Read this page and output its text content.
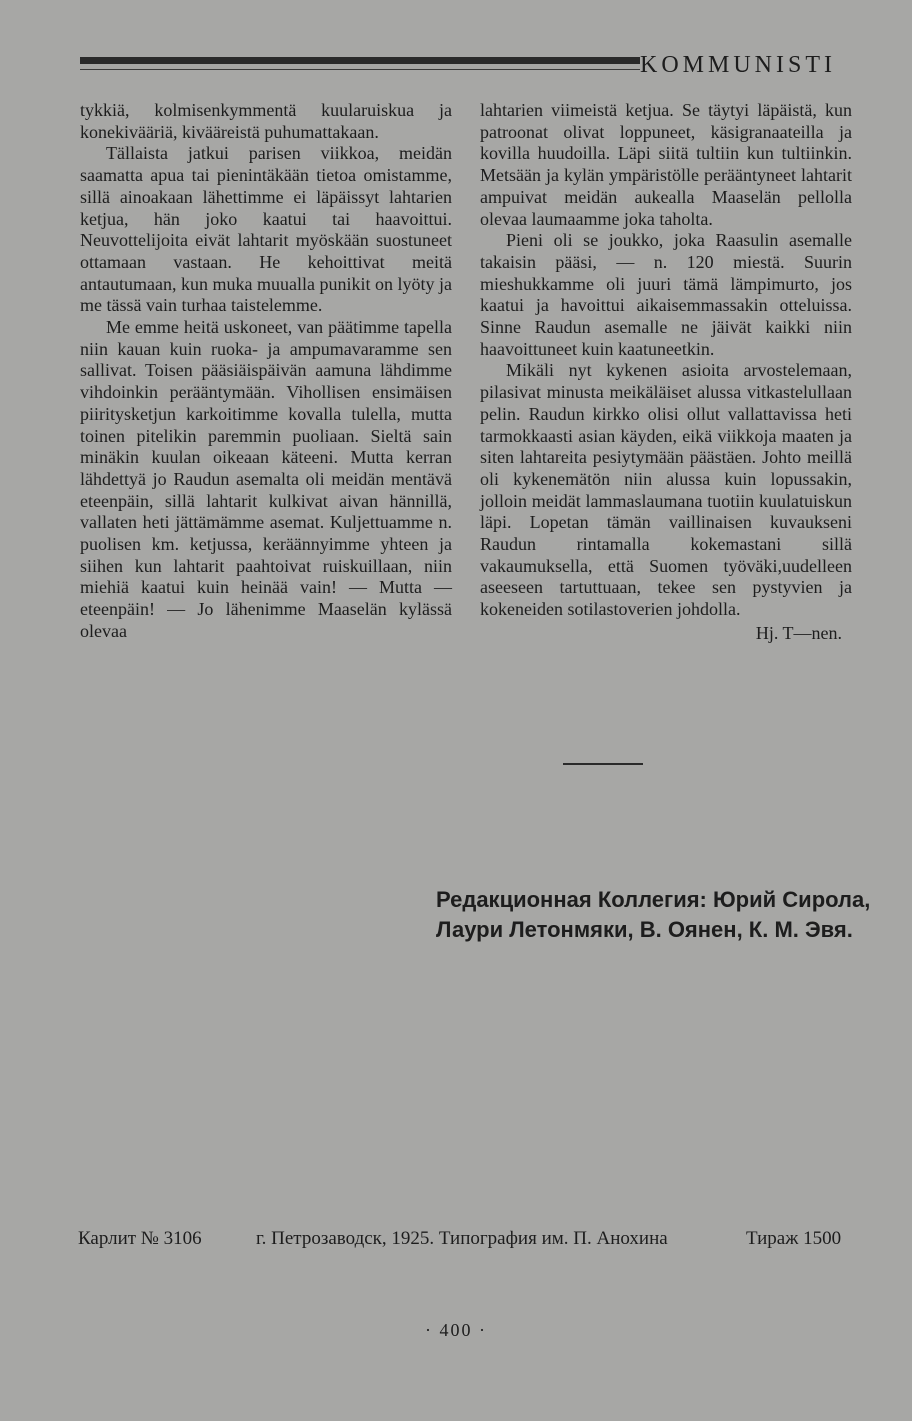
KOMMUNISTI

tykkiä, kolmisenkymmentä kuularuiskua ja konekivääriä, kivääreistä puhumattakaan.

Tällaista jatkui parisen viikkoa, meidän saamatta apua tai pienintäkään tietoa omistamme, sillä ainoakaan lähettimme ei läpäissyt lahtarien ketjua, hän joko kaatui tai haavoittui. Neuvottelijoita eivät lahtarit myöskään suostuneet ottamaan vastaan. He kehoittivat meitä antautumaan, kun muka muualla punikit on lyöty ja me tässä vain turhaa taistelemme.

Me emme heitä uskoneet, van päätimme tapella niin kauan kuin ruoka- ja ampumavaramme sen sallivat. Toisen pääsiäispäivän aamuna lähdimme vihdoinkin perääntymään. Vihollisen ensimäisen piiritysketjun karkoitimme kovalla tulella, mutta toinen pitelikin paremmin puoliaan. Sieltä sain minäkin kuulan oikeaan käteeni. Mutta kerran lähdettyä jo Raudun asemalta oli meidän mentävä eteenpäin, sillä lahtarit kulkivat aivan hännillä, vallaten heti jättämämme asemat. Kuljettuamme n. puolisen km. ketjussa, keräännyimme yhteen ja siihen kun lahtarit paahtoivat ruiskuillaan, niin miehiä kaatui kuin heinää vain! — Mutta — eteenpäin! — Jo lähenimme Maaselän kylässä olevaa

lahtarien viimeistä ketjua. Se täytyi läpäistä, kun patroonat olivat loppuneet, käsigranaateilla ja kovilla huudoilla. Läpi siitä tultiin kun tultiinkin. Metsään ja kylän ympäristölle perääntyneet lahtarit ampuivat meidän aukealla Maaselän pellolla olevaa laumaamme joka taholta.

Pieni oli se joukko, joka Raasulin asemalle takaisin pääsi, — n. 120 miestä. Suurin mieshukkamme oli juuri tämä lämpimurto, jos kaatui ja havoittui aikaisemmassakin otteluissa. Sinne Raudun asemalle ne jäivät kaikki niin haavoittuneet kuin kaatuneetkin.

Mikäli nyt kykenen asioita arvostelemaan, pilasivat minusta meikäläiset alussa vitkastelullaan pelin. Raudun kirkko olisi ollut vallattavissa heti tarmokkaasti asian käyden, eikä viikkoja maaten ja siten lahtareita pesiytymään päästäen. Johto meillä oli kykenemätön niin alussa kuin lopussakin, jolloin meidät lammaslaumana tuotiin kuulatuiskun läpi. Lopetan tämän vaillinaisen kuvaukseni Raudun rintamalla kokemastani sillä vakaumuksella, että Suomen työväki,uudelleen aseeseen tartuttuaan, tekee sen pystyvien ja kokeneiden sotilastoverien johdolla.

Hj. T—nen.

Редакционная Коллегия: Юрий Сирола,
Лаури Летонмяки, В. Оянен, К. М. Эвя.
Карлит № 3106	г. Петрозаводск, 1925. Типография им. П. Анохина	Тираж 1500
· 400 ·
